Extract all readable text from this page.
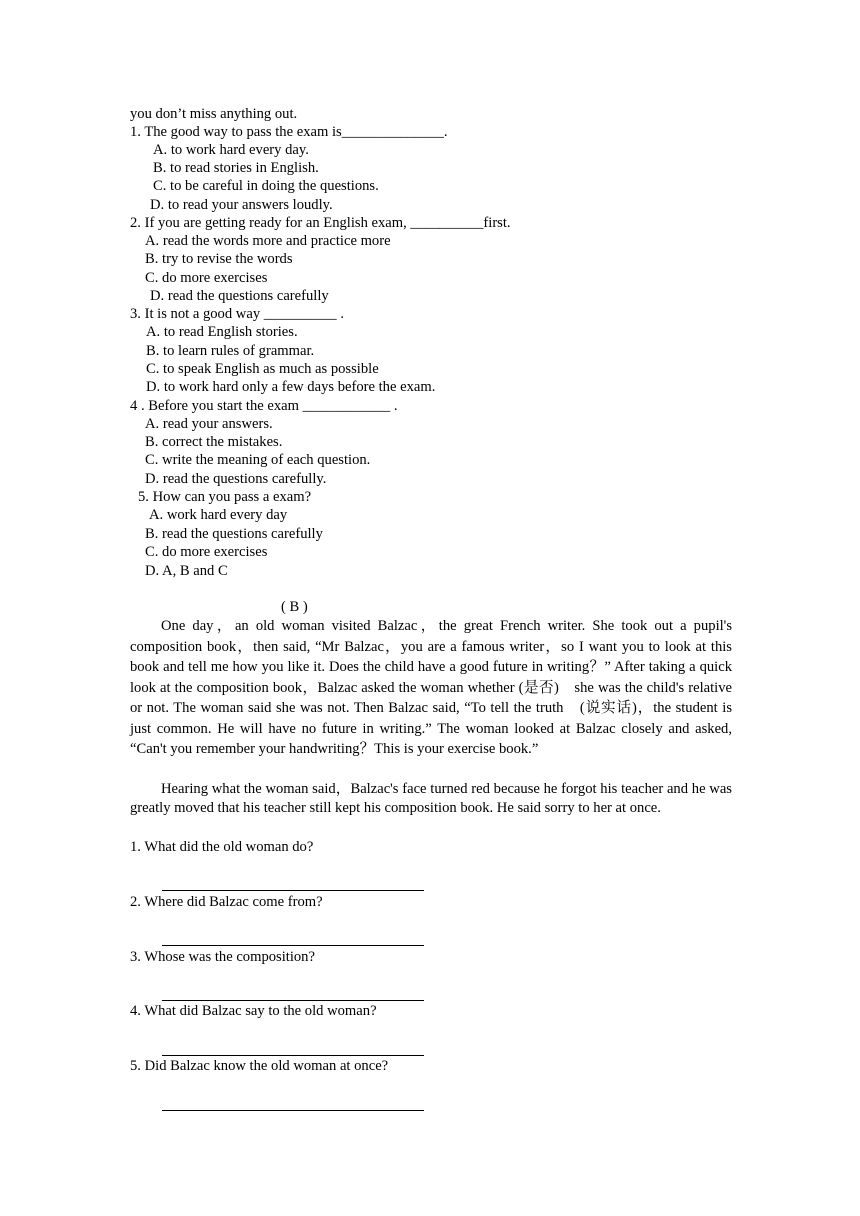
you don’t miss anything out.
1. The good way to pass the exam is______________.
A. to work hard every day.
B. to read stories in English.
C. to be careful in doing the questions.
D. to read your answers loudly.
2. If you are getting ready for an English exam, __________first.
A. read the words more and practice more
B. try to revise the words
C. do more exercises
D. read the questions carefully
3. It is not a good way __________ .
A. to read English stories.
B. to learn rules of grammar.
C. to speak English as much as possible
D. to work hard only a few days before the exam.
4 . Before you start the exam ____________ .
A. read your answers.
B. correct the mistakes.
C. write the meaning of each question.
D. read the questions carefully.
5. How can you pass a exam?
A. work hard every day
B. read the questions carefully
C. do more exercises
D. A, B and C
( B )
One day，an old woman visited Balzac，the great French writer. She took out a pupil's composition book，then said, “Mr Balzac，you are a famous writer，so I want you to look at this book and tell me how you like it. Does the child have a good future in writing？” After taking a quick look at the composition book，Balzac asked the woman whether (是否)　she was the child's relative or not. The woman said she was not. Then Balzac said, “To tell the truth　(说实话)，the student is just common. He will have no future in writing.” The woman looked at Balzac closely and asked, “Can't you remember your handwriting？This is your exercise book.”
Hearing what the woman said，Balzac's face turned red because he forgot his teacher and he was greatly moved that his teacher still kept his composition book. He said sorry to her at once.
1. What did the old woman do?
2. Where did Balzac come from?
3. Whose was the composition?
4. What did Balzac say to the old woman?
5. Did Balzac know the old woman at once?
